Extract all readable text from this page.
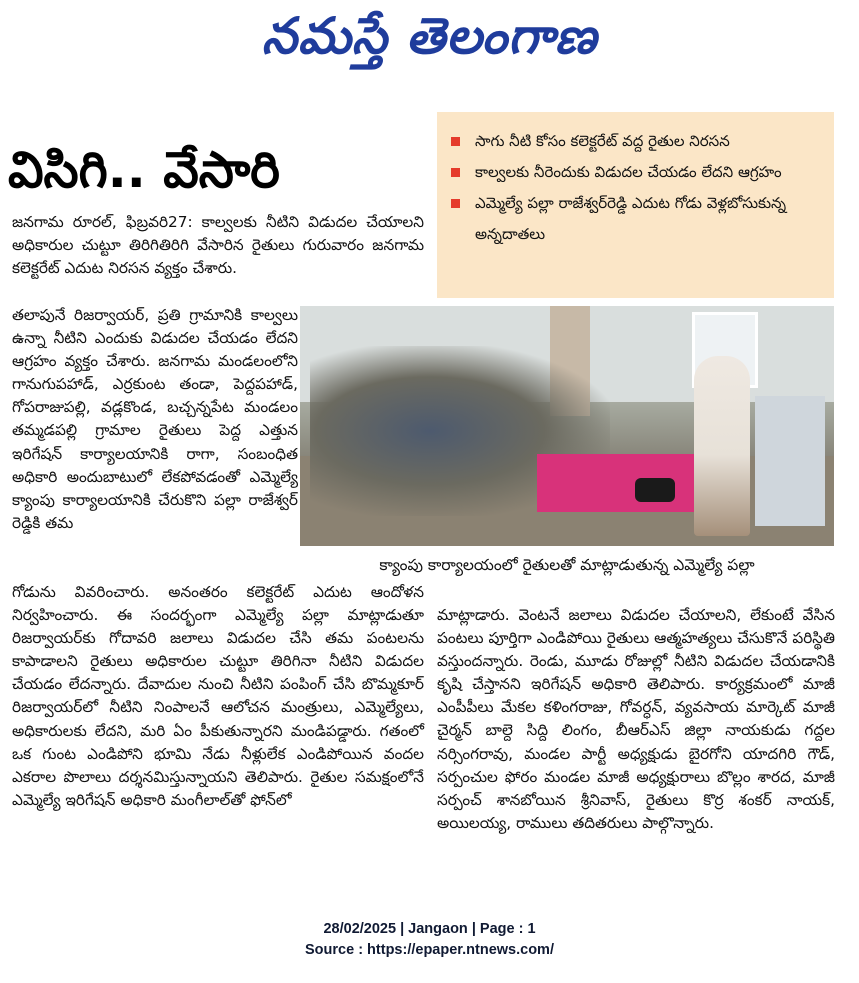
నమస్తే తెలంగాణ
విసిగి.. వేసారి	సాగు నీటి కోసం కలెక్టరేట్ వద్ద రైతుల నిరసన
కాల్వలకు నీరెందుకు విడుదల చేయడం లేదని ఆగ్రహం
ఎమ్మెల్యే పల్లా రాజేశ్వర్‌రెడ్డి ఎదుట గోడు వెళ్లబోసుకున్న అన్నదాతలు

జనగామ రూరల్, ఫిబ్రవరి27: కాల్వలకు నీటిని విడుదల చేయాలని అధికారుల చుట్టూ తిరిగితిరిగి వేసారిన రైతులు గురువారం జనగామ కలెక్టరేట్ ఎదుట నిరసన వ్యక్తం చేశారు.

తలాపునే రిజర్వాయర్, ప్రతి గ్రామానికి కాల్వలు ఉన్నా నీటిని ఎందుకు విడుదల చేయడం లేదని ఆగ్రహం వ్యక్తం చేశారు. జనగామ మండలంలోని గానుగుపహాడ్, ఎర్రకుంట తండా, పెద్దపహాడ్, గోపరాజుపల్లి, వడ్లకొండ, బచ్చన్నపేట మండలం తమ్మడపల్లి గ్రామాల రైతులు పెద్ద ఎత్తున ఇరిగేషన్ కార్యాలయానికి రాగా, సంబంధిత అధికారి అందుబాటులో లేకపోవడంతో ఎమ్మెల్యే క్యాంపు కార్యాలయానికి చేరుకొని పల్లా రాజేశ్వర్ రెడ్డికి తమ

క్యాంపు కార్యాలయంలో రైతులతో మాట్లాడుతున్న ఎమ్మెల్యే పల్లా

గోడును వివరించారు. అనంతరం కలెక్టరేట్ ఎదుట ఆందోళన నిర్వహించారు. ఈ సందర్భంగా ఎమ్మెల్యే పల్లా మాట్లాడుతూ రిజర్వాయర్‌కు గోదావరి జలాలు విడుదల చేసి తమ పంటలను కాపాడాలని రైతులు అధికారుల చుట్టూ తిరిగినా నీటిని విడుదల చేయడం లేదన్నారు. దేవాదుల నుంచి నీటిని పంపింగ్ చేసి బొమ్మకూర్ రిజర్వాయర్‌లో నీటిని నింపాలనే ఆలోచన మంత్రులు, ఎమ్మెల్యేలు, అధికారులకు లేదని, మరి ఏం పీకుతున్నారని మండిపడ్డారు. గతంలో ఒక గుంట ఎండిపోని భూమి నేడు నీళ్లులేక ఎండిపోయిన వందల ఎకరాల పొలాలు దర్శనమిస్తున్నాయని తెలిపారు. రైతుల సమక్షంలోనే ఎమ్మెల్యే ఇరిగేషన్ అధికారి మంగీలాల్‌తో ఫోన్‌లో

మాట్లాడారు. వెంటనే జలాలు విడుదల చేయాలని, లేకుంటే వేసిన పంటలు పూర్తిగా ఎండిపోయి రైతులు ఆత్మహత్యలు చేసుకొనే పరిస్థితి వస్తుందన్నారు. రెండు, మూడు రోజుల్లో నీటిని విడుదల చేయడానికి కృషి చేస్తానని ఇరిగేషన్ అధికారి తెలిపారు. కార్యక్రమంలో మాజీ ఎంపీపీలు మేకల కళింగరాజు, గోవర్ధన్, వ్యవసాయ మార్కెట్ మాజీ చైర్మన్ బాల్దె సిద్ది లింగం, బీఆర్‌ఎస్ జిల్లా నాయకుడు గద్దల నర్సింగరావు, మండల పార్టీ అధ్యక్షుడు బైరగోని యాదగిరి గౌడ్, సర్పంచుల ఫోరం మండల మాజీ అధ్యక్షురాలు బొల్లం శారద, మాజీ సర్పంచ్ శానబోయిన శ్రీనివాస్, రైతులు కొర్ర శంకర్ నాయక్, అయిలయ్య, రాములు తదితరులు పాల్గొన్నారు.

28/02/2025 | Jangaon | Page : 1
Source : https://epaper.ntnews.com/
